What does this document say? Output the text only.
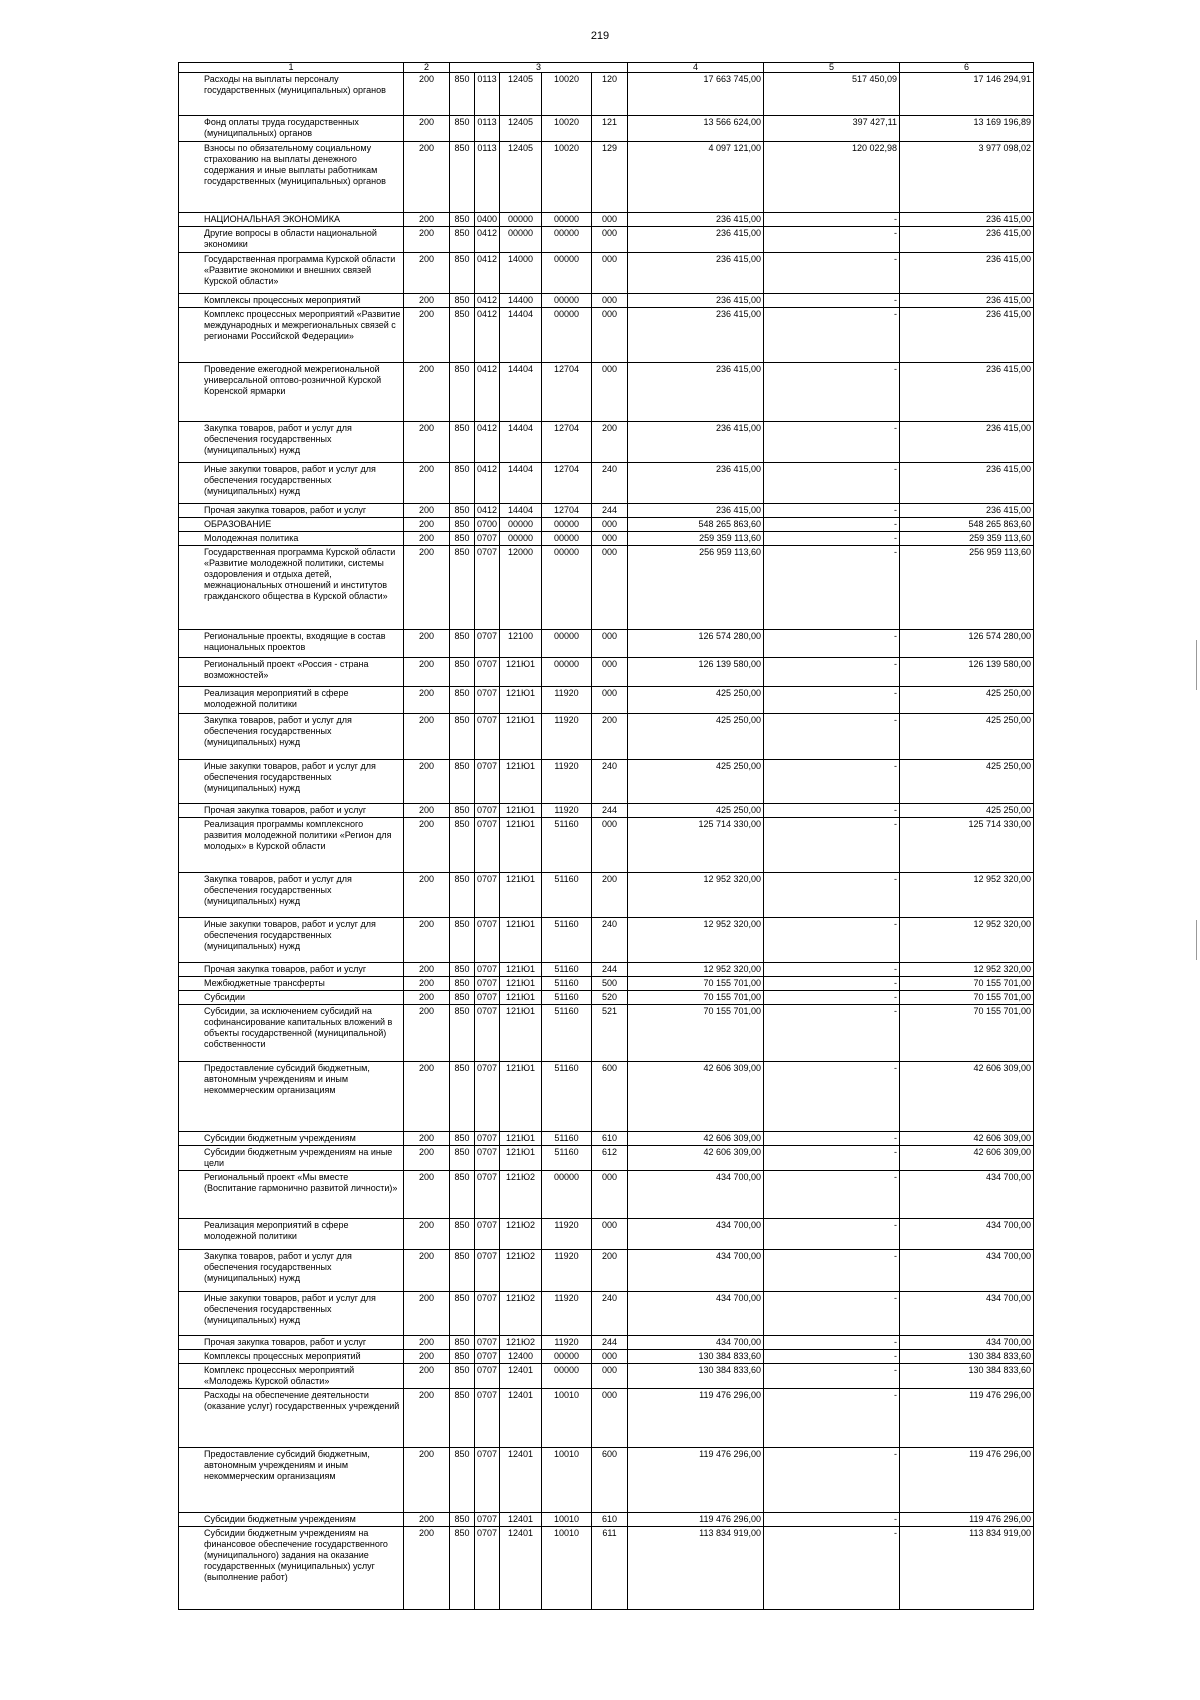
219
1	2	3					4	5	6
Расходы на выплаты персоналу государственных (муниципальных) органов	200	850	0113	12405	10020	120	17 663 745,00	517 450,09	17 146 294,91
Фонд оплаты труда государственных (муниципальных) органов	200	850	0113	12405	10020	121	13 566 624,00	397 427,11	13 169 196,89
Взносы по обязательному социальному страхованию на выплаты денежного содержания и иные выплаты работникам государственных (муниципальных) органов	200	850	0113	12405	10020	129	4 097 121,00	120 022,98	3 977 098,02
НАЦИОНАЛЬНАЯ ЭКОНОМИКА	200	850	0400	00000	00000	000	236 415,00	-	236 415,00
Другие вопросы в области национальной экономики	200	850	0412	00000	00000	000	236 415,00	-	236 415,00
Государственная программа Курской области «Развитие экономики и внешних связей Курской области»	200	850	0412	14000	00000	000	236 415,00	-	236 415,00
Комплексы процессных мероприятий	200	850	0412	14400	00000	000	236 415,00	-	236 415,00
Комплекс процессных мероприятий «Развитие международных и межрегиональных связей с регионами Российской Федерации»	200	850	0412	14404	00000	000	236 415,00	-	236 415,00
Проведение ежегодной межрегиональной универсальной оптово-розничной Курской Коренской ярмарки	200	850	0412	14404	12704	000	236 415,00	-	236 415,00
Закупка товаров, работ и услуг для обеспечения государственных (муниципальных) нужд	200	850	0412	14404	12704	200	236 415,00	-	236 415,00
Иные закупки товаров, работ и услуг для обеспечения государственных (муниципальных) нужд	200	850	0412	14404	12704	240	236 415,00	-	236 415,00
Прочая закупка товаров, работ и услуг	200	850	0412	14404	12704	244	236 415,00	-	236 415,00
ОБРАЗОВАНИЕ	200	850	0700	00000	00000	000	548 265 863,60	-	548 265 863,60
Молодежная политика	200	850	0707	00000	00000	000	259 359 113,60	-	259 359 113,60
Государственная программа Курской области «Развитие молодежной политики, системы оздоровления и отдыха детей, межнациональных отношений и институтов гражданского общества в Курской области»	200	850	0707	12000	00000	000	256 959 113,60	-	256 959 113,60
Региональные проекты, входящие в состав национальных проектов	200	850	0707	12100	00000	000	126 574 280,00	-	126 574 280,00
Региональный проект «Россия - страна возможностей»	200	850	0707	121Ю1	00000	000	126 139 580,00	-	126 139 580,00
Реализация мероприятий в сфере молодежной политики	200	850	0707	121Ю1	11920	000	425 250,00	-	425 250,00
Закупка товаров, работ и услуг для обеспечения государственных (муниципальных) нужд	200	850	0707	121Ю1	11920	200	425 250,00	-	425 250,00
Иные закупки товаров, работ и услуг для обеспечения государственных (муниципальных) нужд	200	850	0707	121Ю1	11920	240	425 250,00	-	425 250,00
Прочая закупка товаров, работ и услуг	200	850	0707	121Ю1	11920	244	425 250,00	-	425 250,00
Реализация программы комплексного развития молодежной политики «Регион для молодых» в Курской области	200	850	0707	121Ю1	51160	000	125 714 330,00	-	125 714 330,00
Закупка товаров, работ и услуг для обеспечения государственных (муниципальных) нужд	200	850	0707	121Ю1	51160	200	12 952 320,00	-	12 952 320,00
Иные закупки товаров, работ и услуг для обеспечения государственных (муниципальных) нужд	200	850	0707	121Ю1	51160	240	12 952 320,00	-	12 952 320,00
Прочая закупка товаров, работ и услуг	200	850	0707	121Ю1	51160	244	12 952 320,00	-	12 952 320,00
Межбюджетные трансферты	200	850	0707	121Ю1	51160	500	70 155 701,00	-	70 155 701,00
Субсидии	200	850	0707	121Ю1	51160	520	70 155 701,00	-	70 155 701,00
Субсидии, за исключением субсидий на софинансирование капитальных вложений в объекты государственной (муниципальной) собственности	200	850	0707	121Ю1	51160	521	70 155 701,00	-	70 155 701,00
Предоставление субсидий бюджетным, автономным учреждениям и иным некоммерческим организациям	200	850	0707	121Ю1	51160	600	42 606 309,00	-	42 606 309,00
Субсидии бюджетным учреждениям	200	850	0707	121Ю1	51160	610	42 606 309,00	-	42 606 309,00
Субсидии бюджетным учреждениям на иные цели	200	850	0707	121Ю1	51160	612	42 606 309,00	-	42 606 309,00
Региональный проект «Мы вместе (Воспитание гармонично развитой личности)»	200	850	0707	121Ю2	00000	000	434 700,00	-	434 700,00
Реализация мероприятий в сфере молодежной политики	200	850	0707	121Ю2	11920	000	434 700,00	-	434 700,00
Закупка товаров, работ и услуг для обеспечения государственных (муниципальных) нужд	200	850	0707	121Ю2	11920	200	434 700,00	-	434 700,00
Иные закупки товаров, работ и услуг для обеспечения государственных (муниципальных) нужд	200	850	0707	121Ю2	11920	240	434 700,00	-	434 700,00
Прочая закупка товаров, работ и услуг	200	850	0707	121Ю2	11920	244	434 700,00	-	434 700,00
Комплексы процессных мероприятий	200	850	0707	12400	00000	000	130 384 833,60	-	130 384 833,60
Комплекс процессных мероприятий «Молодежь Курской области»	200	850	0707	12401	00000	000	130 384 833,60	-	130 384 833,60
Расходы на обеспечение деятельности (оказание услуг) государственных учреждений	200	850	0707	12401	10010	000	119 476 296,00	-	119 476 296,00
Предоставление субсидий бюджетным, автономным учреждениям и иным некоммерческим организациям	200	850	0707	12401	10010	600	119 476 296,00	-	119 476 296,00
Субсидии бюджетным учреждениям	200	850	0707	12401	10010	610	119 476 296,00	-	119 476 296,00
Субсидии бюджетным учреждениям на финансовое обеспечение государственного (муниципального) задания на оказание государственных (муниципальных) услуг (выполнение работ)	200	850	0707	12401	10010	611	113 834 919,00	-	113 834 919,00
